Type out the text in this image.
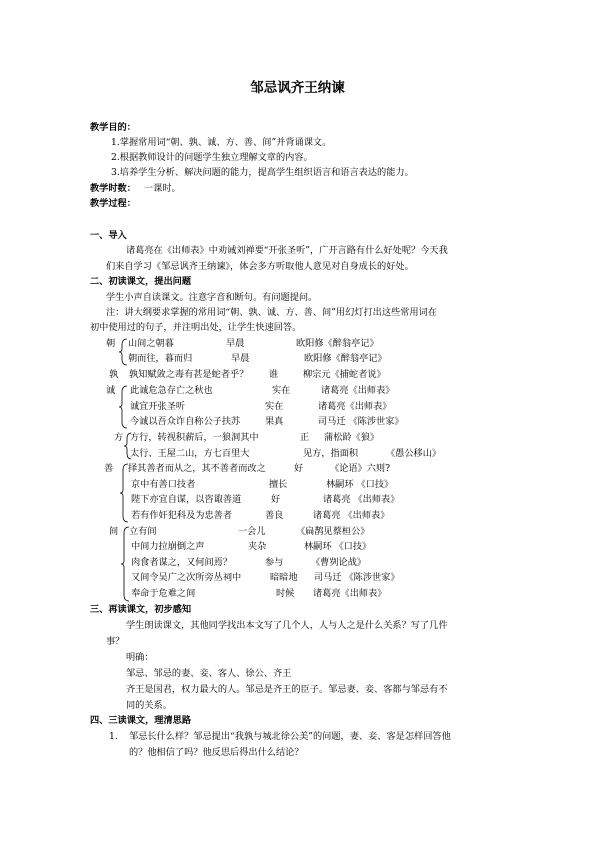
邹忌讽齐王纳谏
教学目的：
1.掌握常用词“朝、孰、诚、方、善、间”并背诵课文。
2.根据教师设计的问题学生独立理解文章的内容。
3.培养学生分析、解决问题的能力，提高学生组织语言和语言表达的能力。
教学时数： 一课时。
教学过程：
一、导入
诸葛亮在《出师表》中劝诫刘禅要“开张圣听”，广开言路有什么好处呢？今天我
们来自学习《邹忌讽齐王纳谏》，体会多方听取他人意见对自身成长的好处。
二、初读课文，提出问题
学生小声自读课文。注意字音和断句。有问题提问。
注：讲大纲要求掌握的常用词“朝、孰、诚、方、善、间”用幻灯打出这些常用词在
初中使用过的句子，并注明出处，让学生快速回答。
朝 山间之朝暮	早晨	欧阳修《醉翁亭记》
朝而往，暮而归	早晨	欧阳修《醉翁亭记》
孰 孰知赋敛之毒有甚是蛇者乎？ 谁	柳宗元《捕蛇者说》
诚 此诚危急存亡之秋也	实在	诸葛亮《出师表》
诚宜开张圣听	实在	诸葛亮《出师表》
今诚以吾众诈自称公子扶苏	果真	司马迁 《陈涉世家》
方 方行，转视积薪后，一狼洞其中	正 蒲松龄《狼》
太行、王屋二山，方七百里大	见方，指面积	《愚公移山》
善 择其善者而从之，其不善者而改之	好	《论语》六则?
京中有善口技者	擅长	林嗣环 《口技》
陛下亦宜自谋，以咨诹善道	好	诸葛亮 《出师表》
若有作奸犯科及为忠善者	善良	诸葛亮 《出师表》
间 立有间	一会儿	《扁鹊见蔡桓公》
中间力拉崩倒之声	夹杂	林嗣环 《口技》
肉食者谋之，又何间焉？	参与	《曹刿论战》
又间令吴广之次所旁丛祠中	暗暗地 司马迁 《陈涉世家》
奉命于危难之间	时候 诸葛亮《出师表》
三、再读课文，初步感知
学生朗读课文，其他同学找出本文写了几个人，人与人之是什么关系？写了几件
事？
明确：
邹忌、邹忌的妻、妾、客人、徐公、齐王
齐王是国君，权力最大的人。邹忌是齐王的臣子。邹忌妻、妾、客都与邹忌有不
同的关系。
四、三读课文，理清思路
1. 邹忌长什么样？邹忌提出“我孰与城北徐公美”的问题，妻、妾、客是怎样回答他
的？他相信了吗？他反思后得出什么结论？
